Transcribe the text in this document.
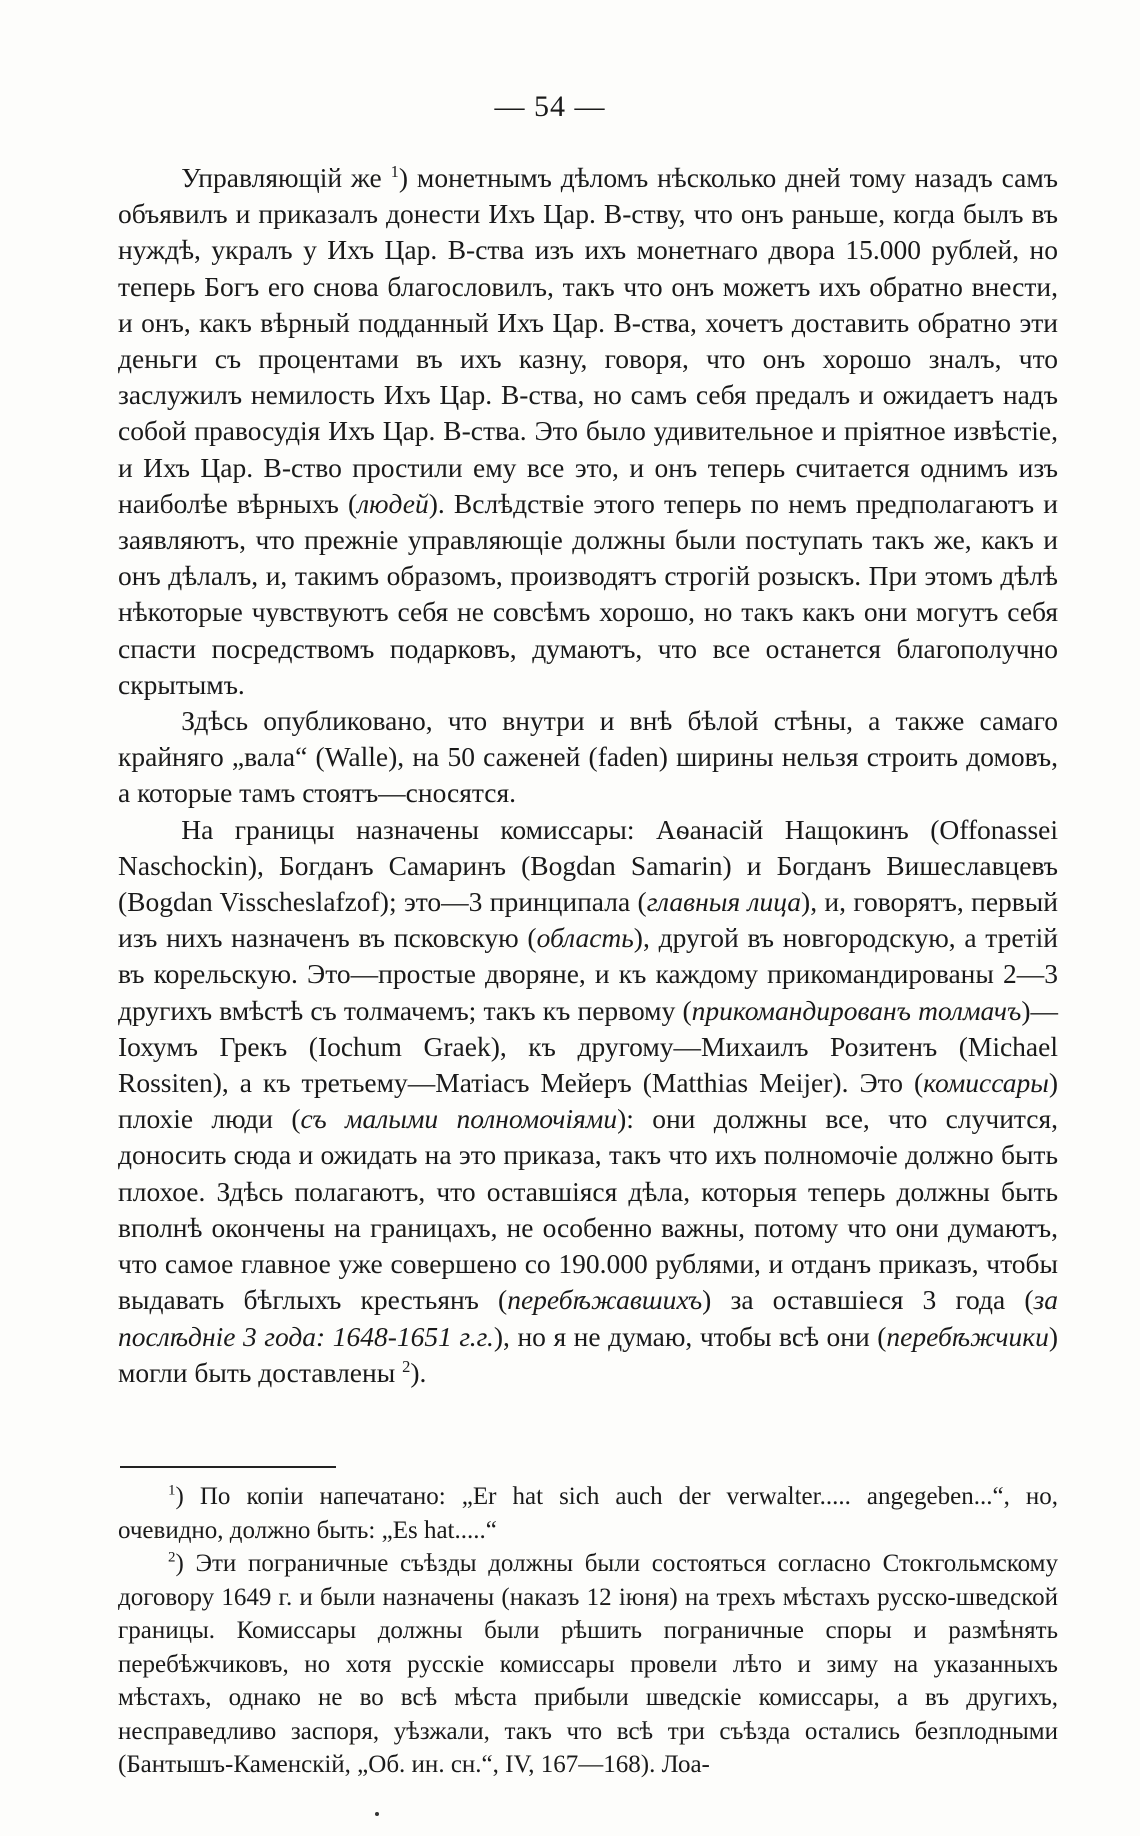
— 54 —

Управляющій же $^1$) монетнымъ дѣломъ нѣсколько дней тому назадъ самъ объявилъ и приказалъ донести Ихъ Цар. В-ству, что онъ раньше, когда былъ въ нуждѣ, укралъ у Ихъ Цар. В-ства изъ ихъ монетнаго двора 15.000 рублей, но теперь Богъ его снова благословилъ, такъ что онъ можетъ ихъ обратно внести, и онъ, какъ вѣрный подданный Ихъ Цар. В-ства, хочетъ доставить обратно эти деньги съ процентами въ ихъ казну, говоря, что онъ хорошо зналъ, что заслужилъ немилость Ихъ Цар. В-ства, но самъ себя предалъ и ожидаетъ надъ собой правосудія Ихъ Цар. В-ства. Это было удивительное и пріятное извѣстіе, и Ихъ Цар. В-ство простили ему все это, и онъ теперь считается однимъ изъ наиболѣе вѣрныхъ (людей). Вслѣдствіе этого теперь по немъ предполагаютъ и заявляютъ, что прежніе управляющіе должны были поступать такъ же, какъ и онъ дѣлалъ, и, такимъ образомъ, производятъ строгій розыскъ. При этомъ дѣлѣ нѣкоторые чувствуютъ себя не совсѣмъ хорошо, но такъ какъ они могутъ себя спасти посредствомъ подарковъ, думаютъ, что все останется благополучно скрытымъ.

Здѣсь опубликовано, что внутри и внѣ бѣлой стѣны, а также самаго крайняго „вала“ (Walle), на 50 саженей (faden) ширины нельзя строить домовъ, а которые тамъ стоятъ—сносятся.

На границы назначены комиссары: Аѳанасій Нащокинъ (Offonassei Naschockin), Богданъ Самаринъ (Bogdan Samarin) и Богданъ Вишеславцевъ (Bogdan Visscheslafzof); это—3 принципала (главныя лица), и, говорятъ, первый изъ нихъ назначенъ въ псковскую (область), другой въ новгородскую, а третій въ корельскую. Это—простые дворяне, и къ каждому прикомандированы 2—3 другихъ вмѣстѣ съ толмачемъ; такъ къ первому (прикомандированъ толмачъ)—Іохумъ Грекъ (Iochum Graek), къ другому—Михаилъ Розитенъ (Michael Rossiten), а къ третьему—Матіасъ Мейеръ (Matthias Meijer). Это (комиссары) плохіе люди (съ малыми полномочіями): они должны все, что случится, доносить сюда и ожидать на это приказа, такъ что ихъ полномочіе должно быть плохое. Здѣсь полагаютъ, что оставшіяся дѣла, которыя теперь должны быть вполнѣ окончены на границахъ, не особенно важны, потому что они думаютъ, что самое главное уже совершено со 190.000 рублями, и отданъ приказъ, чтобы выдавать бѣглыхъ крестьянъ (перебѣжавшихъ) за оставшіеся 3 года (за послѣдніе 3 года: 1648-1651 г.г.), но я не думаю, чтобы всѣ они (перебѣжчики) могли быть доставлены $^2$).

$^1$) По копіи напечатано: „Er hat sich auch der verwalter..... angegeben...“, но, очевидно, должно быть: „Es hat.....“

$^2$) Эти пограничные съѣзды должны были состояться согласно Стокгольмскому договору 1649 г. и были назначены (наказъ 12 іюня) на трехъ мѣстахъ русско-шведской границы. Комиссары должны были рѣшить пограничные споры и размѣнять перебѣжчиковъ, но хотя русскіе комиссары провели лѣто и зиму на указанныхъ мѣстахъ, однако не во всѣ мѣста прибыли шведскіе комиссары, а въ другихъ, несправедливо заспоря, уѣзжали, такъ что всѣ три съѣзда остались безплодными (Бантышъ-Каменскій, „Об. ин. сн.“, IV, 167—168). Лоа-
